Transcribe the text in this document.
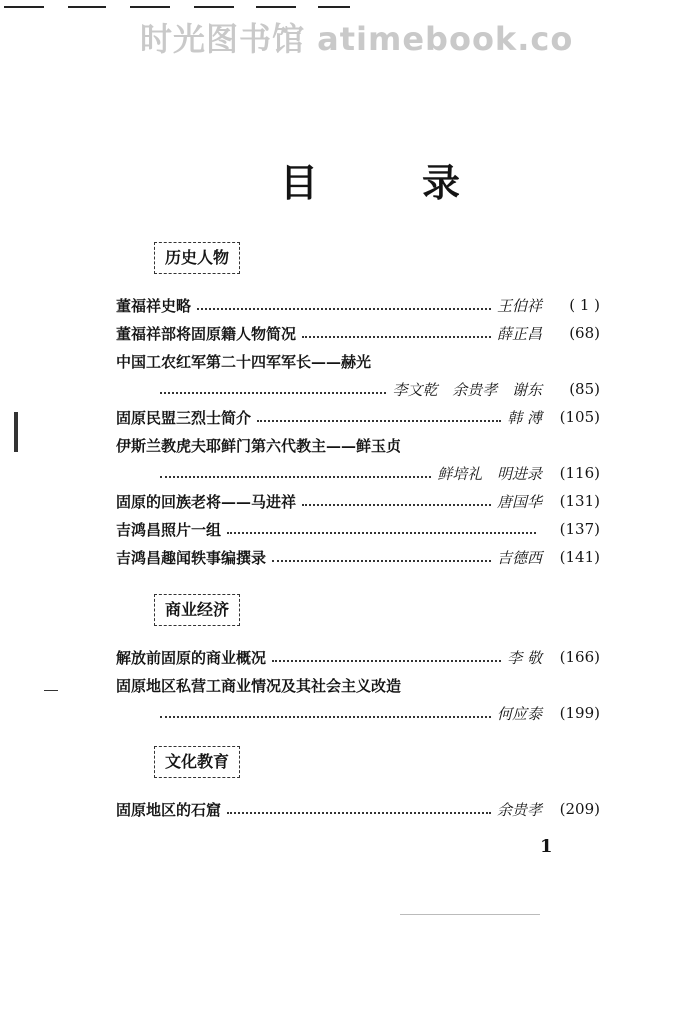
时光图书馆 atimebook.co
目	录
历史人物
董福祥史略	王伯祥	( 1 )
董福祥部将固原籍人物简况	薛正昌	(68)
中国工农红军第二十四军军长——赫光
李文乾 余贵孝 谢东	(85)
固原民盟三烈士简介	韩 溥	(105)
伊斯兰教虎夫耶鲜门第六代教主——鲜玉贞
鲜培礼 明进录	(116)
固原的回族老将——马进祥	唐国华	(131)
吉鸿昌照片一组	(137)
吉鸿昌趣闻轶事编撰录	吉德西	(141)
商业经济
解放前固原的商业概况	李 敬	(166)
固原地区私营工商业情况及其社会主义改造
何应泰	(199)
文化教育
固原地区的石窟	余贵孝	(209)
1
